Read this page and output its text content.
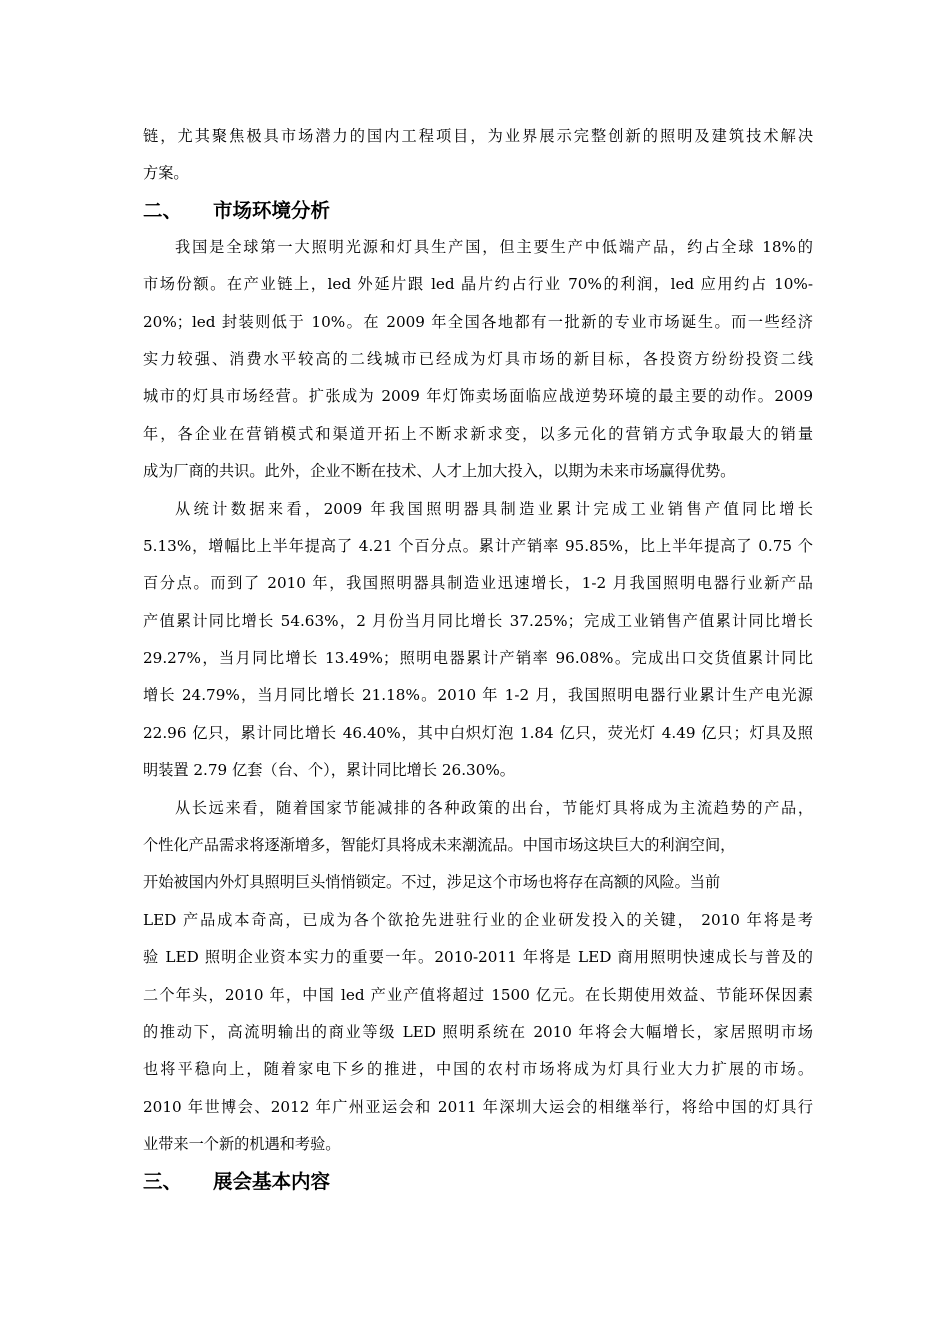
链，尤其聚焦极具市场潜力的国内工程项目，为业界展示完整创新的照明及建筑技术解决
方案。
二、 市场环境分析
我国是全球第一大照明光源和灯具生产国，但主要生产中低端产品，约占全球 18%的
市场份额。在产业链上，led 外延片跟 led 晶片约占行业 70%的利润，led 应用约占 10%-
20%；led 封装则低于 10%。在 2009 年全国各地都有一批新的专业市场诞生。而一些经济
实力较强、消费水平较高的二线城市已经成为灯具市场的新目标，各投资方纷纷投资二线
城市的灯具市场经营。扩张成为 2009 年灯饰卖场面临应战逆势环境的最主要的动作。2009
年，各企业在营销模式和渠道开拓上不断求新求变，以多元化的营销方式争取最大的销量
成为厂商的共识。此外，企业不断在技术、人才上加大投入，以期为未来市场赢得优势。
从统计数据来看，2009 年我国照明器具制造业累计完成工业销售产值同比增长
5.13%，增幅比上半年提高了 4.21 个百分点。累计产销率 95.85%，比上半年提高了 0.75 个
百分点。而到了 2010 年，我国照明器具制造业迅速增长，1-2 月我国照明电器行业新产品
产值累计同比增长 54.63%，2 月份当月同比增长 37.25%；完成工业销售产值累计同比增长
29.27%，当月同比增长 13.49%；照明电器累计产销率 96.08%。完成出口交货值累计同比
增长 24.79%，当月同比增长 21.18%。2010 年 1-2 月，我国照明电器行业累计生产电光源
22.96 亿只，累计同比增长 46.40%，其中白炽灯泡 1.84 亿只，荧光灯 4.49 亿只；灯具及照
明装置 2.79 亿套（台、个），累计同比增长 26.30%。
从长远来看，随着国家节能减排的各种政策的出台，节能灯具将成为主流趋势的产品，
个性化产品需求将逐渐增多，智能灯具将成未来潮流品。中国市场这块巨大的利润空间，
开始被国内外灯具照明巨头悄悄锁定。不过，涉足这个市场也将存在高额的风险。当前
LED 产品成本奇高，已成为各个欲抢先进驻行业的企业研发投入的关键， 2010 年将是考
验 LED 照明企业资本实力的重要一年。2010-2011 年将是 LED 商用照明快速成长与普及的
二个年头，2010 年，中国 led 产业产值将超过 1500 亿元。在长期使用效益、节能环保因素
的推动下，高流明输出的商业等级 LED 照明系统在 2010 年将会大幅增长，家居照明市场
也将平稳向上，随着家电下乡的推进，中国的农村市场将成为灯具行业大力扩展的市场。
2010 年世博会、2012 年广州亚运会和 2011 年深圳大运会的相继举行，将给中国的灯具行
业带来一个新的机遇和考验。
三、 展会基本内容
